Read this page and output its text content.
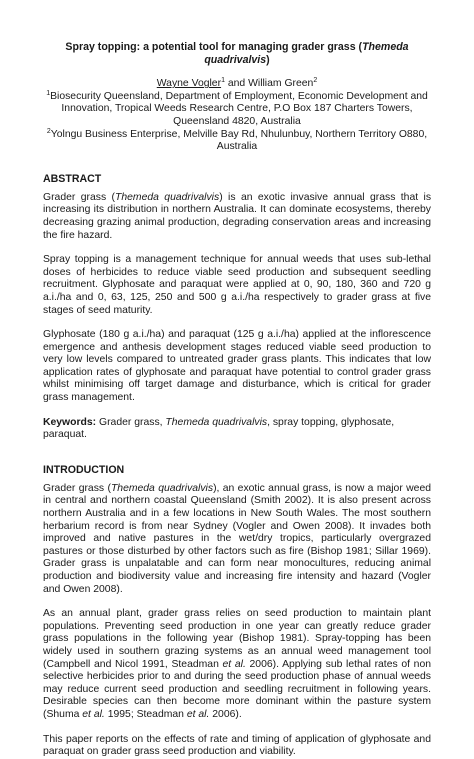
Spray topping: a potential tool for managing grader grass (Themeda quadrivalvis)

Wayne Vogler$^1$ and William Green$^2$

$^1$Biosecurity Queensland, Department of Employment, Economic Development and Innovation, Tropical Weeds Research Centre, P.O Box 187 Charters Towers, Queensland 4820, Australia

$^2$Yolngu Business Enterprise, Melville Bay Rd, Nhulunbuy, Northern Territory O880, Australia

ABSTRACT

Grader grass (Themeda quadrivalvis) is an exotic invasive annual grass that is increasing its distribution in northern Australia. It can dominate ecosystems, thereby decreasing grazing animal production, degrading conservation areas and increasing the fire hazard.

Spray topping is a management technique for annual weeds that uses sub-lethal doses of herbicides to reduce viable seed production and subsequent seedling recruitment. Glyphosate and paraquat were applied at 0, 90, 180, 360 and 720 g a.i./ha and 0, 63, 125, 250 and 500 g a.i./ha respectively to grader grass at five stages of seed maturity.

Glyphosate (180 g a.i./ha) and paraquat (125 g a.i./ha) applied at the inflorescence emergence and anthesis development stages reduced viable seed production to very low levels compared to untreated grader grass plants. This indicates that low application rates of glyphosate and paraquat have potential to control grader grass whilst minimising off target damage and disturbance, which is critical for grader grass management.

Keywords: Grader grass, Themeda quadrivalvis, spray topping, glyphosate, paraquat.

INTRODUCTION

Grader grass (Themeda quadrivalvis), an exotic annual grass, is now a major weed in central and northern coastal Queensland (Smith 2002). It is also present across northern Australia and in a few locations in New South Wales. The most southern herbarium record is from near Sydney (Vogler and Owen 2008). It invades both improved and native pastures in the wet/dry tropics, particularly overgrazed pastures or those disturbed by other factors such as fire (Bishop 1981; Sillar 1969). Grader grass is unpalatable and can form near monocultures, reducing animal production and biodiversity value and increasing fire intensity and hazard (Vogler and Owen 2008).

As an annual plant, grader grass relies on seed production to maintain plant populations. Preventing seed production in one year can greatly reduce grader grass populations in the following year (Bishop 1981). Spray-topping has been widely used in southern grazing systems as an annual weed management tool (Campbell and Nicol 1991, Steadman et al. 2006). Applying sub lethal rates of non selective herbicides prior to and during the seed production phase of annual weeds may reduce current seed production and seedling recruitment in following years. Desirable species can then become more dominant within the pasture system (Shuma et al. 1995; Steadman et al. 2006).

This paper reports on the effects of rate and timing of application of glyphosate and paraquat on grader grass seed production and viability.
